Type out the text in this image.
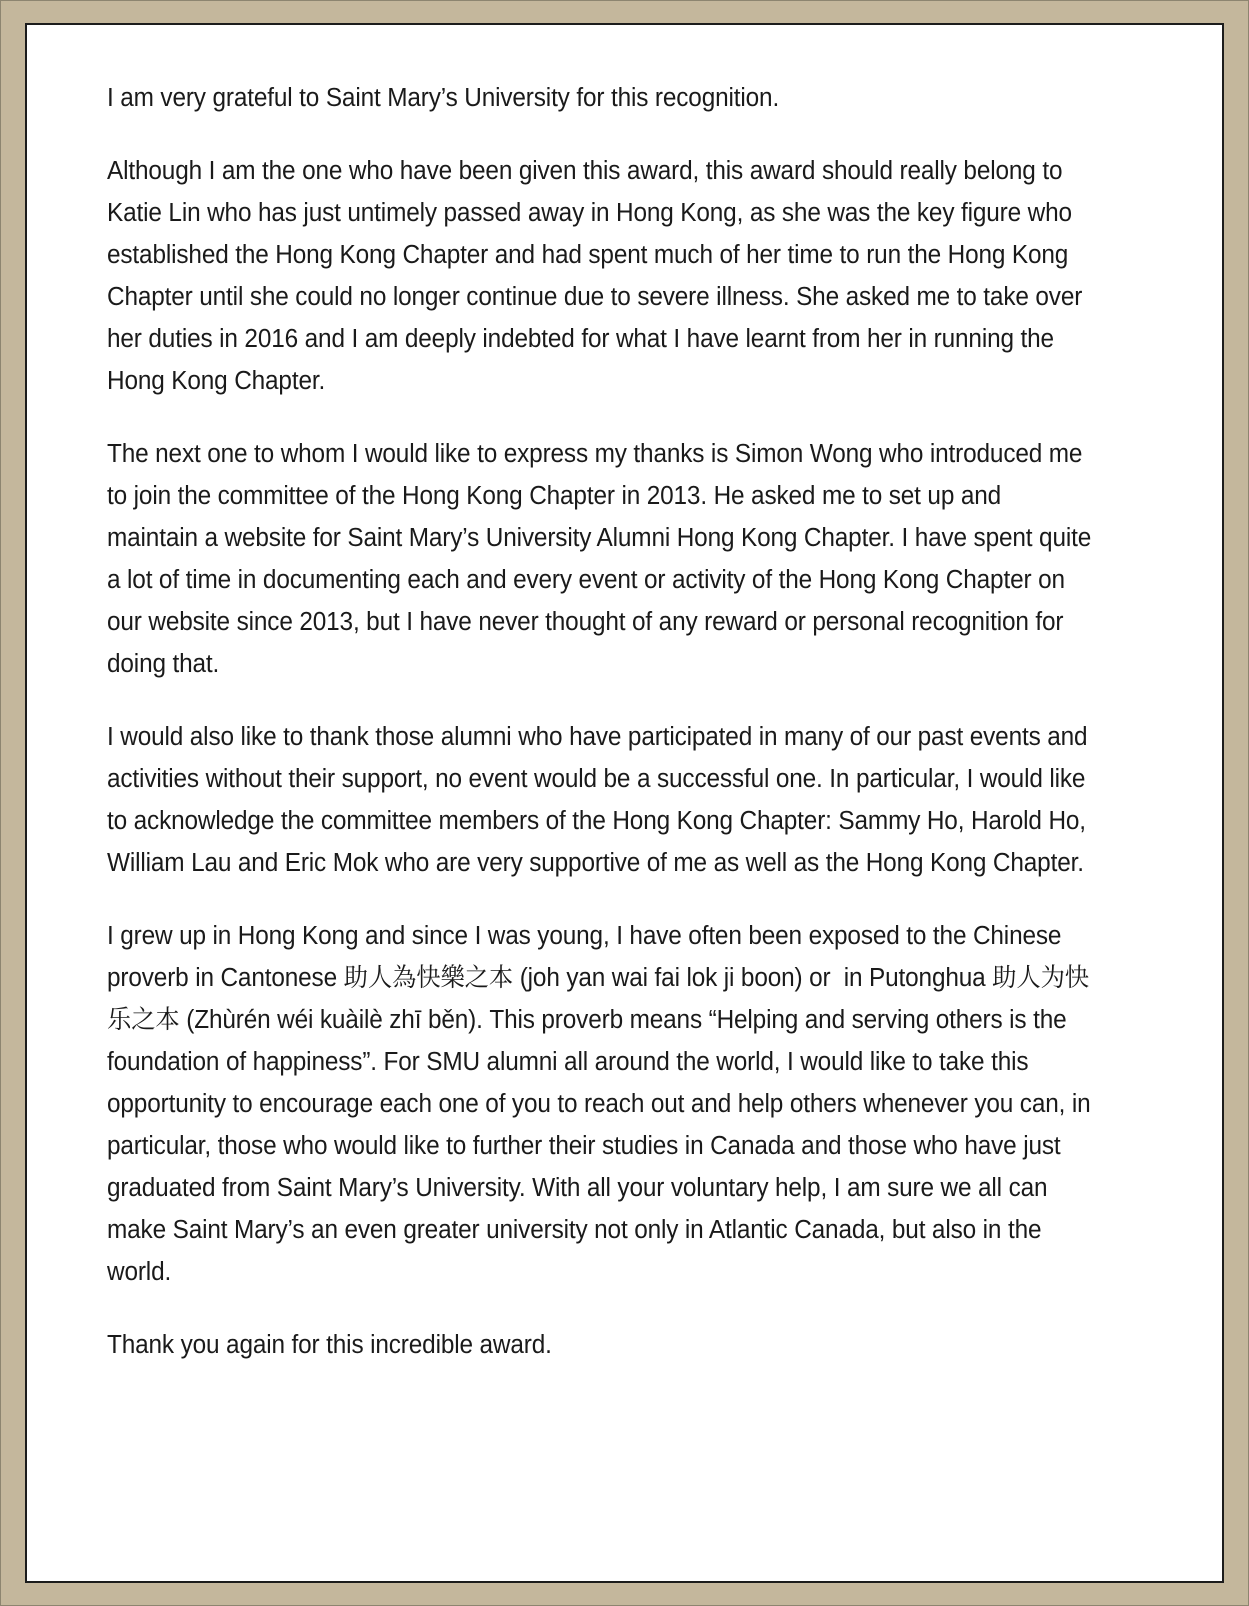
I am very grateful to Saint Mary’s University for this recognition.

Although I am the one who have been given this award, this award should really belong to Katie Lin who has just untimely passed away in Hong Kong, as she was the key figure who established the Hong Kong Chapter and had spent much of her time to run the Hong Kong Chapter until she could no longer continue due to severe illness. She asked me to take over her duties in 2016 and I am deeply indebted for what I have learnt from her in running the Hong Kong Chapter.

The next one to whom I would like to express my thanks is Simon Wong who introduced me to join the committee of the Hong Kong Chapter in 2013. He asked me to set up and maintain a website for Saint Mary’s University Alumni Hong Kong Chapter. I have spent quite a lot of time in documenting each and every event or activity of the Hong Kong Chapter on our website since 2013, but I have never thought of any reward or personal recognition for doing that.

I would also like to thank those alumni who have participated in many of our past events and activities without their support, no event would be a successful one. In particular, I would like to acknowledge the committee members of the Hong Kong Chapter: Sammy Ho, Harold Ho, William Lau and Eric Mok who are very supportive of me as well as the Hong Kong Chapter.

I grew up in Hong Kong and since I was young, I have often been exposed to the Chinese proverb in Cantonese 助人為快樂之本 (joh yan wai fai lok ji boon) or  in Putonghua 助人为快乐之本 (Zhùrén wéi kuàilè zhī běn). This proverb means “Helping and serving others is the foundation of happiness”. For SMU alumni all around the world, I would like to take this opportunity to encourage each one of you to reach out and help others whenever you can, in particular, those who would like to further their studies in Canada and those who have just graduated from Saint Mary’s University. With all your voluntary help, I am sure we all can make Saint Mary’s an even greater university not only in Atlantic Canada, but also in the world.

Thank you again for this incredible award.
